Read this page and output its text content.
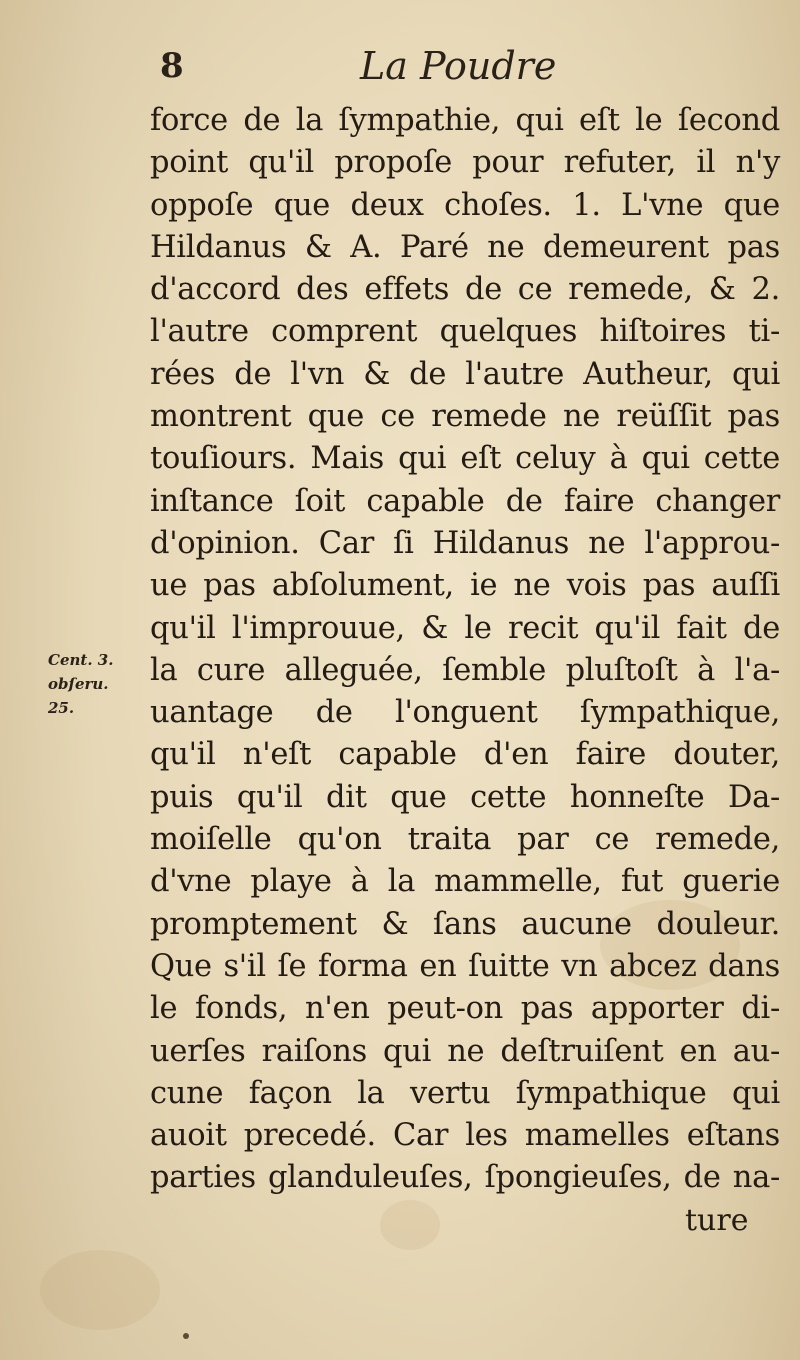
8	La Poudre
Cent. 3.
obſeru.
25.
force de la ſympathie, qui eſt le ſecond
point qu'il propoſe pour refuter, il n'y
oppoſe que deux choſes. 1. L'vne que
Hildanus & A. Paré ne demeurent pas
d'accord des effets de ce remede, & 2.
l'autre comprent quelques hiſtoires ti-
rées de l'vn & de l'autre Autheur, qui
montrent que ce remede ne reüſſit pas
touſiours. Mais qui eſt celuy à qui cette
inſtance ſoit capable de faire changer
d'opinion. Car ſi Hildanus ne l'approu-
ue pas abſolument, ie ne vois pas auſſi
qu'il l'improuue, & le recit qu'il fait de
la cure alleguée, ſemble pluſtoſt à l'a-
uantage de l'onguent ſympathique,
qu'il n'eſt capable d'en faire douter,
puis qu'il dit que cette honneſte Da-
moiſelle qu'on traita par ce remede,
d'vne playe à la mammelle, fut guerie
promptement & ſans aucune douleur.
Que s'il ſe forma en ſuitte vn abcez dans
le fonds, n'en peut-on pas apporter di-
uerſes raiſons qui ne deſtruiſent en au-
cune façon la vertu ſympathique qui
auoit precedé. Car les mamelles eſtans
parties glanduleuſes, ſpongieuſes, de na-
ture
